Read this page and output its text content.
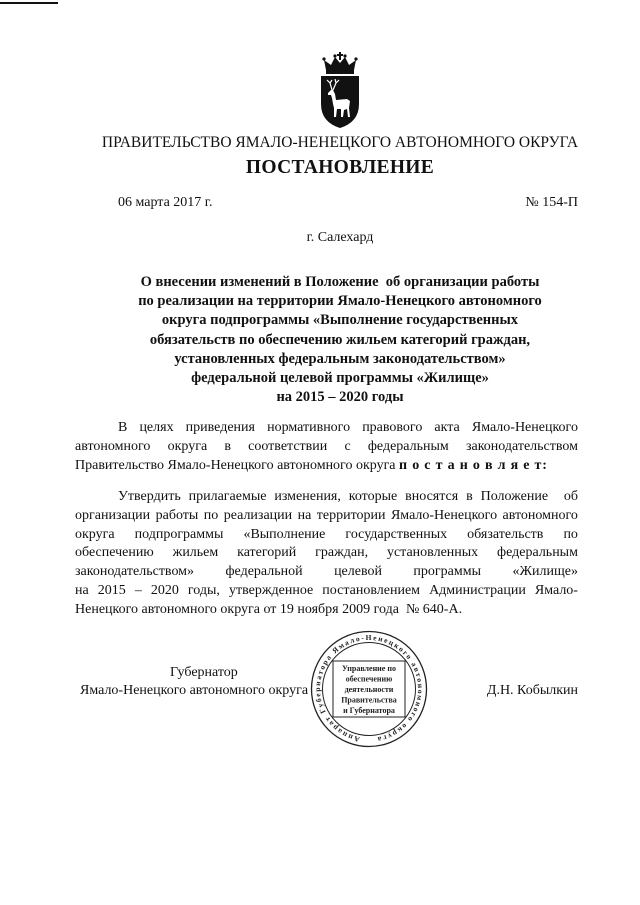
ПРАВИТЕЛЬСТВО ЯМАЛО-НЕНЕЦКОГО АВТОНОМНОГО ОКРУГА
ПОСТАНОВЛЕНИЕ
06 марта 2017 г.	№ 154-П
г. Салехард
О внесении изменений в Положение  об организации работы
по реализации на территории Ямало-Ненецкого автономного
округа подпрограммы «Выполнение государственных
обязательств по обеспечению жильем категорий граждан,
установленных федеральным законодательством»
федеральной целевой программы «Жилище»
на 2015 – 2020 годы
В целях приведения нормативного правового акта Ямало-Ненецкого
автономного округа в соответствии с федеральным законодательством
Правительство Ямало-Ненецкого автономного округа п о с т а н о в л я е т:
Утвердить прилагаемые изменения, которые вносятся в Положение об
организации работы по реализации на территории Ямало-Ненецкого автономного
округа подпрограммы «Выполнение государственных обязательств по
обеспечению жильем категорий граждан, установленных федеральным
законодательством» федеральной целевой программы «Жилище»
на 2015 – 2020 годы, утвержденное постановлением Администрации Ямало-
Ненецкого автономного округа от 19 ноября 2009 года  № 640-А.
Губернатор
Ямало-Ненецкого автономного округа	Д.Н. Кобылкин
Аппарат Губернатора Ямало-Ненецкого автономного округа
Управление по
обеспечению
деятельности
Правительства
и Губернатора
